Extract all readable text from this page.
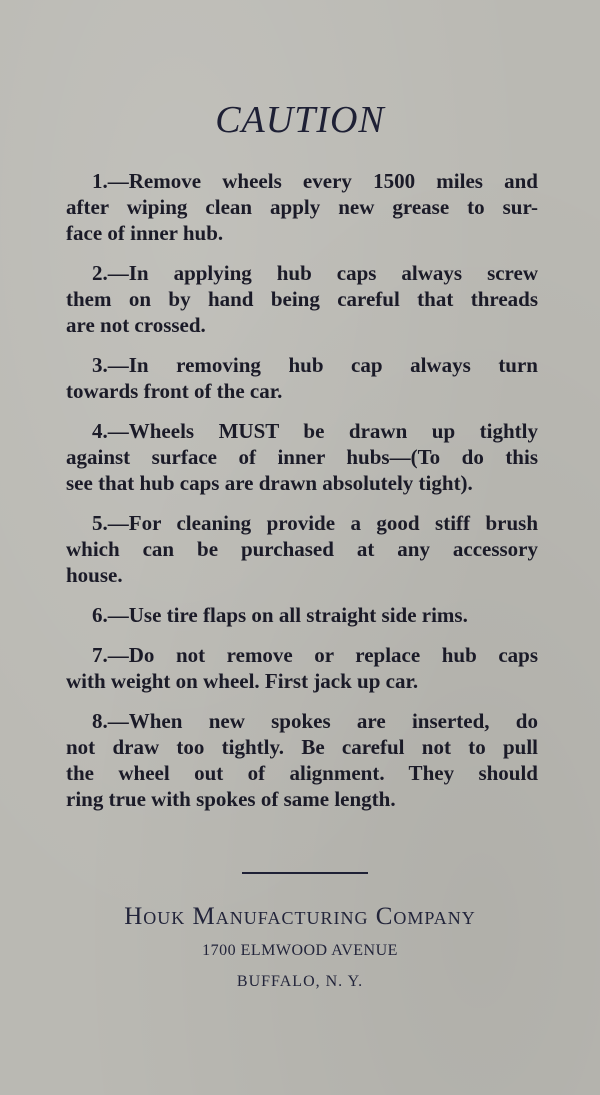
CAUTION
1.—Remove wheels every 1500 miles and
after wiping clean apply new grease to sur-
face of inner hub.
2.—In applying hub caps always screw
them on by hand being careful that threads
are not crossed.
3.—In removing hub cap always turn
towards front of the car.
4.—Wheels MUST be drawn up tightly
against surface of inner hubs—(To do this
see that hub caps are drawn absolutely tight).
5.—For cleaning provide a good stiff brush
which can be purchased at any accessory
house.
6.—Use tire flaps on all straight side rims.
7.—Do not remove or replace hub caps
with weight on wheel. First jack up car.
8.—When new spokes are inserted, do
not draw too tightly. Be careful not to pull
the wheel out of alignment. They should
ring true with spokes of same length.
Houk Manufacturing Company
1700 ELMWOOD AVENUE
BUFFALO, N. Y.
